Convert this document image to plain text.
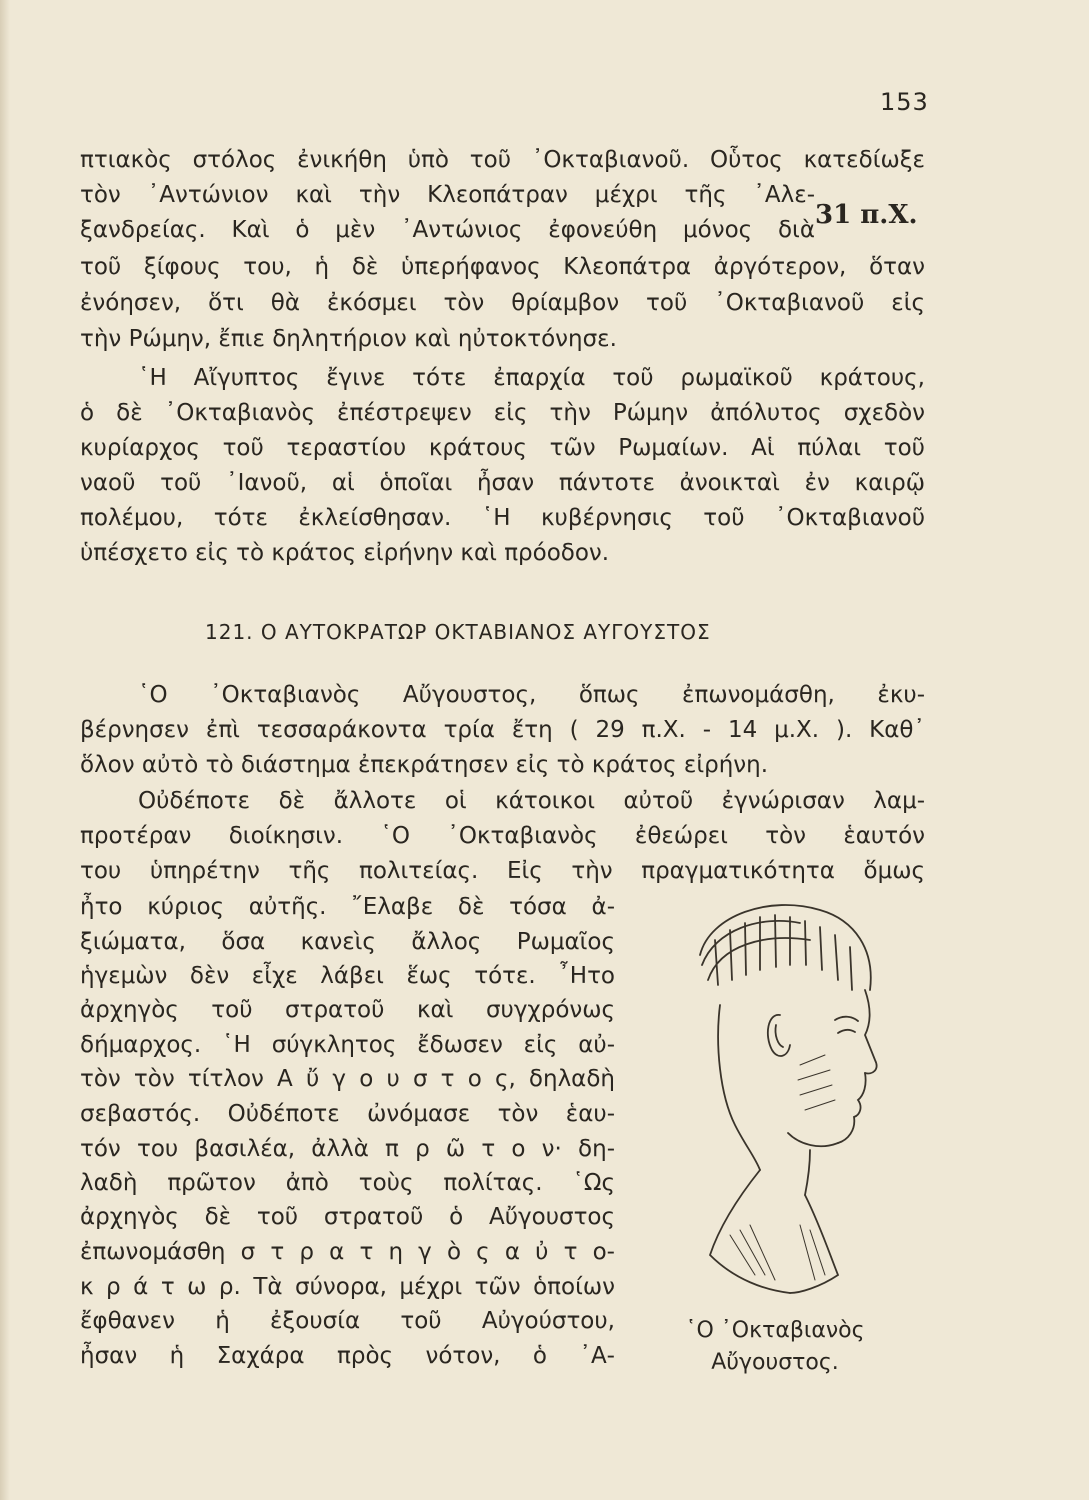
153
31 π.Χ.
πτιακὸς στόλος ἐνικήθη ὑπὸ τοῦ ᾿Οκταβιανοῦ. Οὗτος κατεδίωξε
τὸν ᾿Αντώνιον καὶ τὴν Κλεοπάτραν μέχρι τῆς ᾿Αλε-
ξανδρείας. Καὶ ὁ μὲν ᾿Αντώνιος ἐφονεύθη μόνος διὰ
τοῦ ξίφους του, ἡ δὲ ὑπερήφανος Κλεοπάτρα ἀργότερον, ὅταν
ἐνόησεν, ὅτι θὰ ἐκόσμει τὸν θρίαμβον τοῦ ᾿Οκταβιανοῦ εἰς
τὴν Ρώμην, ἔπιε δηλητήριον καὶ ηὐτοκτόνησε.
῾Η Αἴγυπτος ἔγινε τότε ἐπαρχία τοῦ ρωμαϊκοῦ κράτους,
ὁ δὲ ᾿Οκταβιανὸς ἐπέστρεψεν εἰς τὴν Ρώμην ἀπόλυτος σχεδὸν
κυρίαρχος τοῦ τεραστίου κράτους τῶν Ρωμαίων. Αἱ πύλαι τοῦ
ναοῦ τοῦ ᾿Ιανοῦ, αἱ ὁποῖαι ἦσαν πάντοτε ἀνοικταὶ ἐν καιρῷ
πολέμου, τότε ἐκλείσθησαν. ῾Η κυβέρνησις τοῦ ᾿Οκταβιανοῦ
ὑπέσχετο εἰς τὸ κράτος εἰρήνην καὶ πρόοδον.
121. Ο ΑΥΤΟΚΡΑΤΩΡ ΟΚΤΑΒΙΑΝΟΣ ΑΥΓΟΥΣΤΟΣ
῾Ο ᾿Οκταβιανὸς Αὔγουστος, ὅπως ἐπωνομάσθη, ἐκυ-
βέρνησεν ἐπὶ τεσσαράκοντα τρία ἔτη ( 29 π.Χ. - 14 μ.Χ. ). Καθ᾿
ὅλον αὐτὸ τὸ διάστημα ἐπεκράτησεν εἰς τὸ κράτος εἰρήνη.
Οὐδέποτε δὲ ἄλλοτε οἱ κάτοικοι αὐτοῦ ἐγνώρισαν λαμ-
προτέραν διοίκησιν. ῾Ο ᾿Οκταβιανὸς ἐθεώρει τὸν ἑαυτόν
του ὑπηρέτην τῆς πολιτείας. Εἰς τὴν πραγματικότητα ὅμως
ἦτο κύριος αὐτῆς. ῎Ελαβε δὲ τόσα ἀ-
ξιώματα, ὅσα κανεὶς ἄλλος Ρωμαῖος
ἡγεμὼν δὲν εἶχε λάβει ἕως τότε. ῏Ητο
ἀρχηγὸς τοῦ στρατοῦ καὶ συγχρόνως
δήμαρχος. ῾Η σύγκλητος ἔδωσεν εἰς αὐ-
τὸν τὸν τίτλον Α ὔ γ ο υ σ τ ο ς, δηλαδὴ
σεβαστός. Οὐδέποτε ὠνόμασε τὸν ἑαυ-
τόν του βασιλέα, ἀλλὰ π ρ ῶ τ ο ν· δη-
λαδὴ πρῶτον ἀπὸ τοὺς πολίτας. ῾Ως
ἀρχηγὸς δὲ τοῦ στρατοῦ ὁ Αὔγουστος
ἐπωνομάσθη σ τ ρ α τ η γ ὸ ς α ὐ τ ο-
κ ρ ά τ ω ρ. Τὰ σύνορα, μέχρι τῶν ὁποίων
ἔφθανεν ἡ ἐξουσία τοῦ Αὐγούστου,
ἦσαν ἡ Σαχάρα πρὸς νότον, ὁ ᾿Α-
῾Ο ᾿Οκταβιανὸς
Αὔγουστος.
